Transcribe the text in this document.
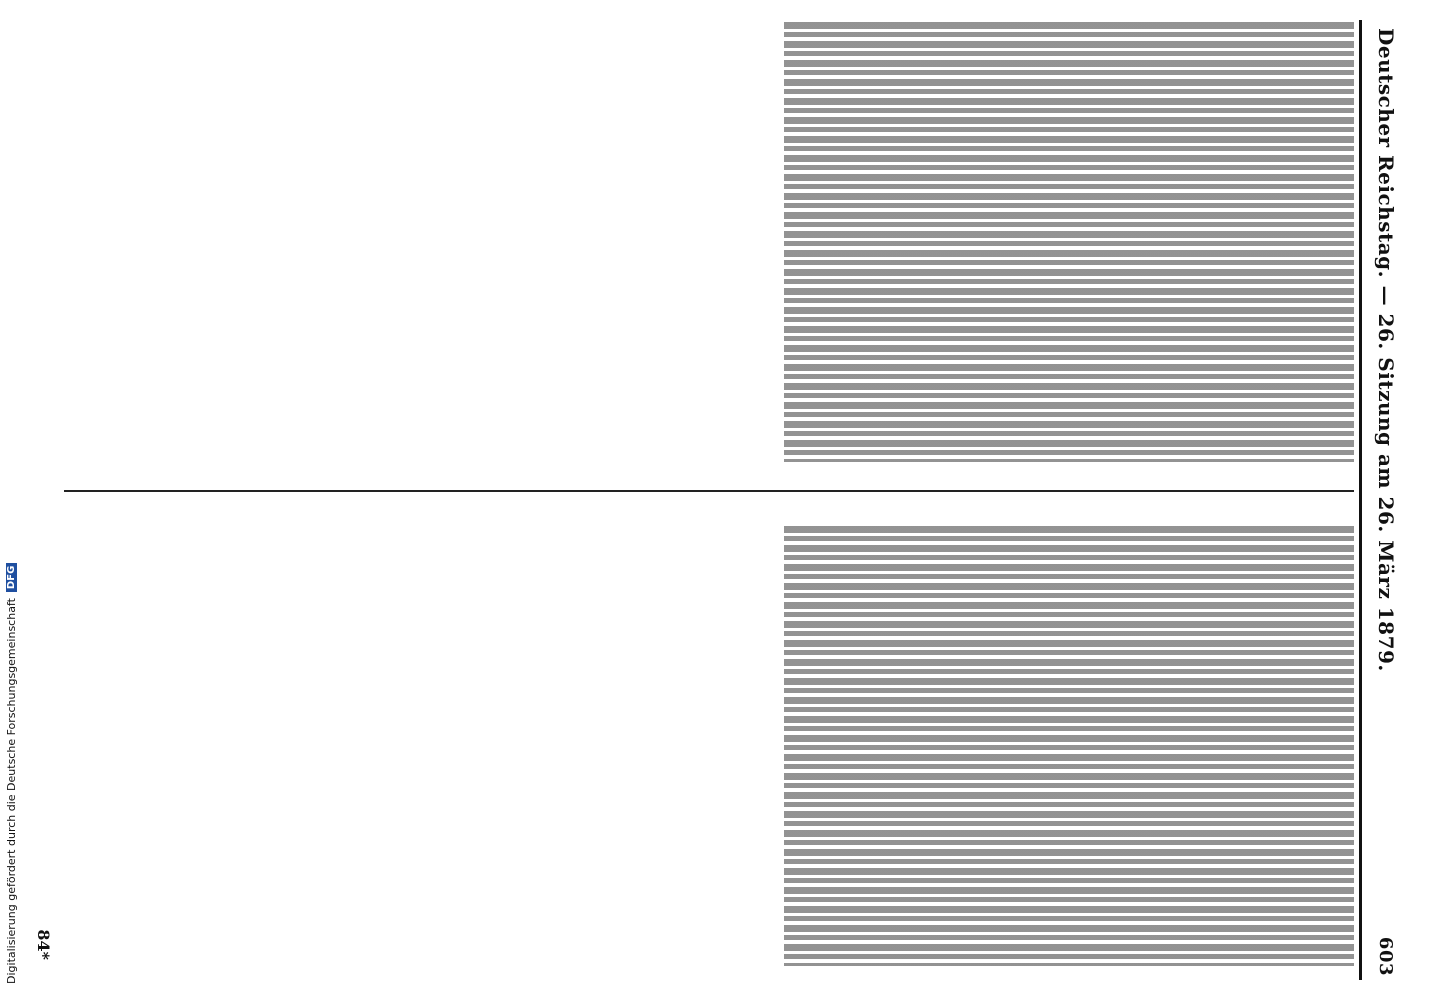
Deutscher Reichstag. — 26. Sitzung am 26. März 1879.
603
84*
Digitalisierung gefördert durch die Deutsche Forschungsgemeinschaft
DFG
